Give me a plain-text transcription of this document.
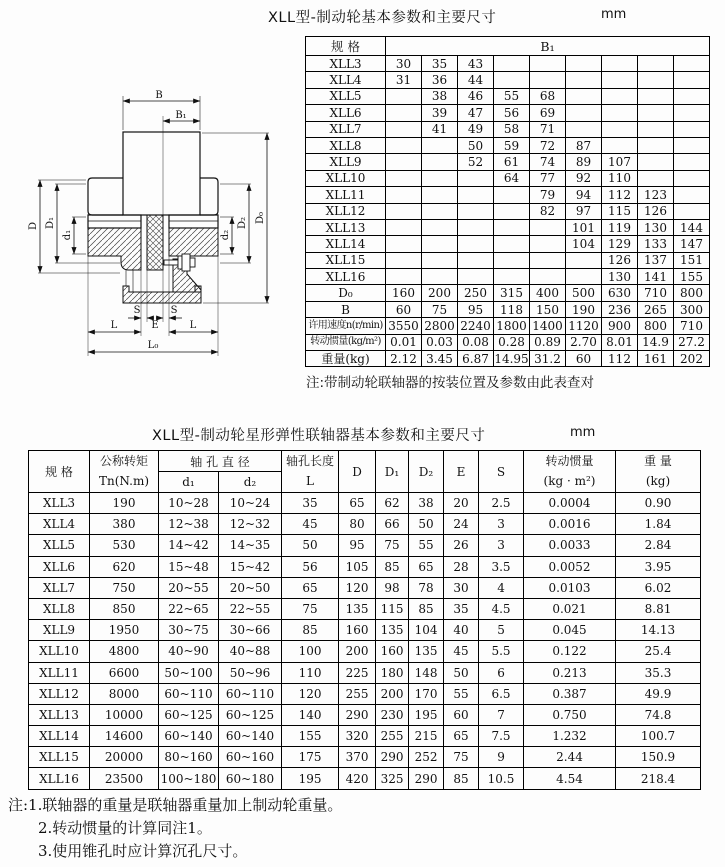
XLL型-制动轮基本参数和主要尺寸	mm
B
B₁
D D₁
d₁	d₂
D₂ D₀
S	S
L	E	L
L₀
规 格	B₁								
XLL3	30	35	43						
XLL4	31	36	44						
XLL5		38	46	55	68				
XLL6		39	47	56	69				
XLL7		41	49	58	71				
XLL8			50	59	72	87			
XLL9			52	61	74	89	107		
XLL10				64	77	92	110		
XLL11					79	94	112	123	
XLL12					82	97	115	126	
XLL13						101	119	130	144
XLL14						104	129	133	147
XLL15							126	137	151
XLL16							130	141	155
D₀	160	200	250	315	400	500	630	710	800
B	60	75	95	118	150	190	236	265	300
许用速度n(r/min)	3550	2800	2240	1800	1400	1120	900	800	710
转动惯量(kg/m²)	0.01	0.03	0.08	0.28	0.89	2.70	8.01	14.9	27.2
重量(kg)	2.12	3.45	6.87	14.95	31.2	60	112	161	202
注:带制动轮联轴器的按装位置及参数由此表查对
XLL型-制动轮星形弹性联轴器基本参数和主要尺寸	mm
规 格	
公称转矩
Tn(N.m)
	轴 孔 直 径	轴孔长度
L
	D	D₁	D₂	E	S	
转动惯量
(kg · m²)

重 量
(kg)

		d₁	d₂								
XLL3	190	10~28	10~24	35	65	62	38	20	2.5	0.0004	0.90
XLL4	380	12~38	12~32	45	80	66	50	24	3	0.0016	1.84
XLL5	530	14~42	14~35	50	95	75	55	26	3	0.0033	2.84
XLL6	620	15~48	15~42	56	105	85	65	28	3.5	0.0052	3.95
XLL7	750	20~55	20~50	65	120	98	78	30	4	0.0103	6.02
XLL8	850	22~65	22~55	75	135	115	85	35	4.5	0.021	8.81
XLL9	1950	30~75	30~66	85	160	135	104	40	5	0.045	14.13
XLL10	4800	40~90	40~88	100	200	160	135	45	5.5	0.122	25.4
XLL11	6600	50~100	50~96	110	225	180	148	50	6	0.213	35.3
XLL12	8000	60~110	60~110	120	255	200	170	55	6.5	0.387	49.9
XLL13	10000	60~125	60~125	140	290	230	195	60	7	0.750	74.8
XLL14	14600	60~140	60~140	155	320	255	215	65	7.5	1.232	100.7
XLL15	20000	80~160	60~160	175	370	290	252	75	9	2.44	150.9
XLL16	23500	100~180	60~180	195	420	325	290	85	10.5	4.54	218.4
注:1.联轴器的重量是联轴器重量加上制动轮重量。
2.转动惯量的计算同注1。
3.使用锥孔时应计算沉孔尺寸。
